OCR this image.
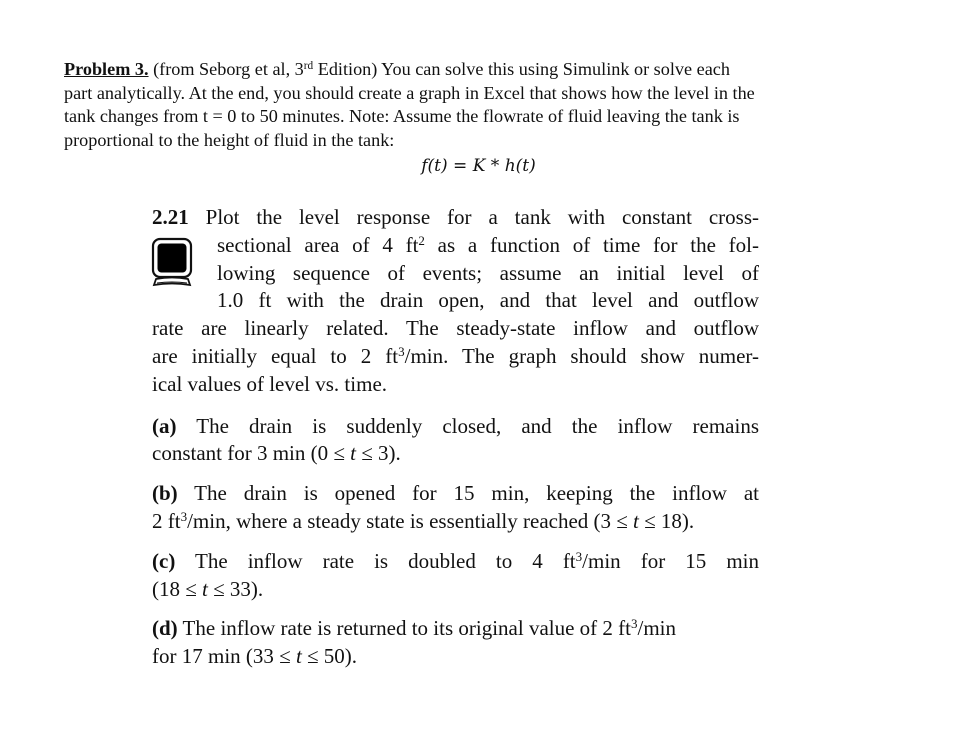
Problem 3. (from Seborg et al, 3rd Edition) You can solve this using Simulink or solve each
part analytically. At the end, you should create a graph in Excel that shows how the level in the
tank changes from t = 0 to 50 minutes. Note: Assume the flowrate of fluid leaving the tank is
proportional to the height of fluid in the tank:
f(t) = K * h(t)
2.21 Plot the level response for a tank with constant cross-
sectional area of 4 $ft^2$ as a function of time for the fol-
lowing sequence of events; assume an initial level of
1.0 ft with the drain open, and that level and outflow
rate are linearly related. The steady-state inflow and outflow
are initially equal to 2 $ft^3/\min$. The graph should show numer-
ical values of level vs. time.
(a) The drain is suddenly closed, and the inflow remains
constant for 3 min (0 ≤ t ≤ 3).
(b) The drain is opened for 15 min, keeping the inflow at
2 $ft^3/\min$, where a steady state is essentially reached (3 ≤ t ≤ 18).
(c) The inflow rate is doubled to 4 $ft^3/\min$ for 15 min
(18 ≤ t ≤ 33).
(d) The inflow rate is returned to its original value of 2 $ft^3/\min$
for 17 min (33 ≤ t ≤ 50).
